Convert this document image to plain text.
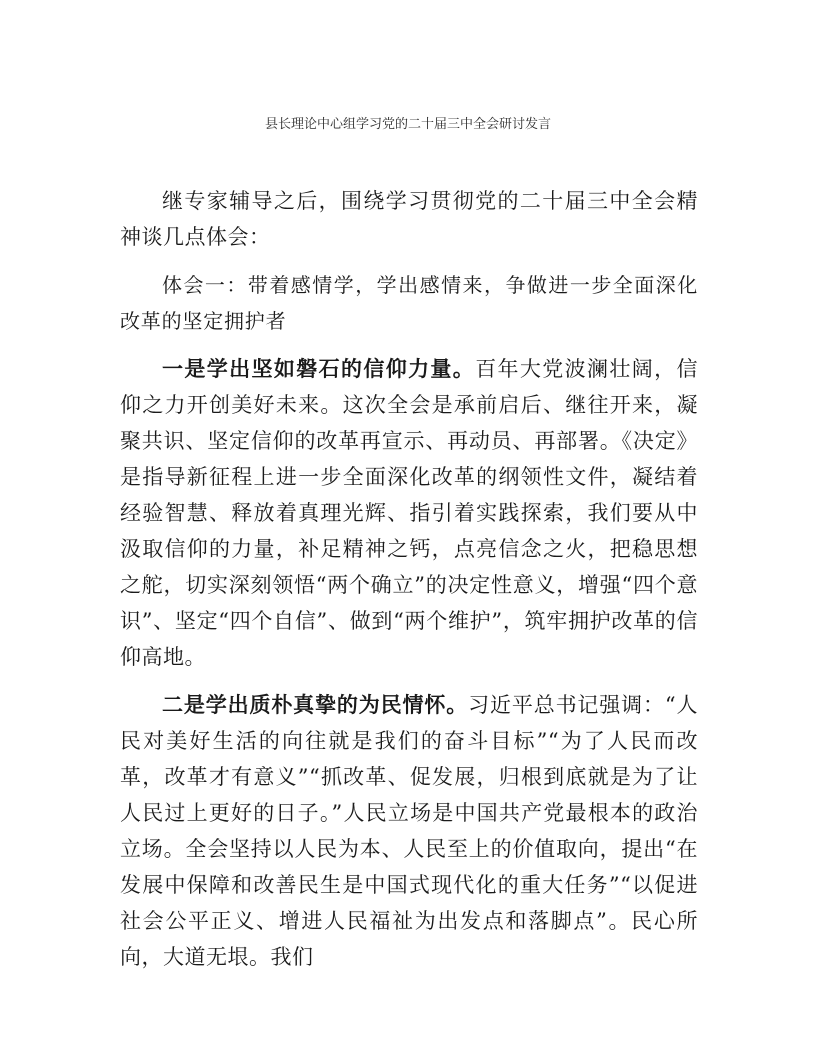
县长理论中心组学习党的二十届三中全会研讨发言

继专家辅导之后，围绕学习贯彻党的二十届三中全会精神谈几点体会：

体会一：带着感情学，学出感情来，争做进一步全面深化改革的坚定拥护者

一是学出坚如磐石的信仰力量。百年大党波澜壮阔，信仰之力开创美好未来。这次全会是承前启后、继往开来，凝聚共识、坚定信仰的改革再宣示、再动员、再部署。《决定》是指导新征程上进一步全面深化改革的纲领性文件，凝结着经验智慧、释放着真理光辉、指引着实践探索，我们要从中汲取信仰的力量，补足精神之钙，点亮信念之火，把稳思想之舵，切实深刻领悟“两个确立”的决定性意义，增强“四个意识”、坚定“四个自信”、做到“两个维护”，筑牢拥护改革的信仰高地。

二是学出质朴真挚的为民情怀。习近平总书记强调：“人民对美好生活的向往就是我们的奋斗目标”“为了人民而改革，改革才有意义”“抓改革、促发展，归根到底就是为了让人民过上更好的日子。”人民立场是中国共产党最根本的政治立场。全会坚持以人民为本、人民至上的价值取向，提出“在发展中保障和改善民生是中国式现代化的重大任务”“以促进社会公平正义、增进人民福祉为出发点和落脚点”。民心所向，大道无垠。我们
